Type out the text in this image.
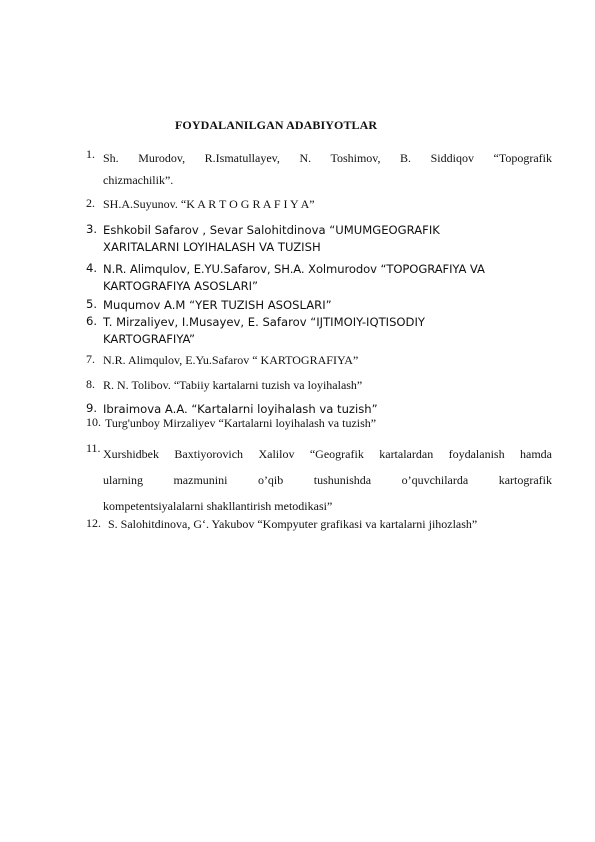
FOYDALANILGAN ADABIYOTLAR
1. Sh. Murodov, R.Ismatullayev, N. Toshimov, B. Siddiqov “Topografik
chizmachilik”.
2. SH.A.Suyunov. “K A R T O G R A F I Y A”
3. Eshkobil Safarov , Sevar Salohitdinova “UMUMGEOGRAFIK
XARITALARNI LOYIHALASH VA TUZISH
4. N.R. Alimqulov, E.YU.Safarov, SH.A. Xolmurodov “TOPOGRAFIYA VA
KARTOGRAFIYA ASOSLARI”
5. Muqumov A.M “YER TUZISH ASOSLARI”
6. T. Mirzaliyev, I.Musayev, E. Safarov “IJTIMOIY-IQTISODIY
KARTOGRAFIYA”
7. N.R. Alimqulov, E.Yu.Safarov “ KARTOGRAFIYA”
8. R. N. Tolibov. “Tabiiy kartalarni tuzish va loyihalash”
9. Ibraimova A.A. “Kartalarni loyihalash va tuzish”
10. Turg'unboy Mirzaliyev “Kartalarni loyihalash va tuzish”
11. Xurshidbek Baxtiyorovich Xalilov “Geografik kartalardan foydalanish hamda
ularning mazmunini o’qib tushunishda o’quvchilarda kartografik
kompetentsiyalalarni shakllantirish metodikasi”
12. S. Salohitdinova, G‘. Yakubov “Kompyuter grafikasi va kartalarni jihozlash”
